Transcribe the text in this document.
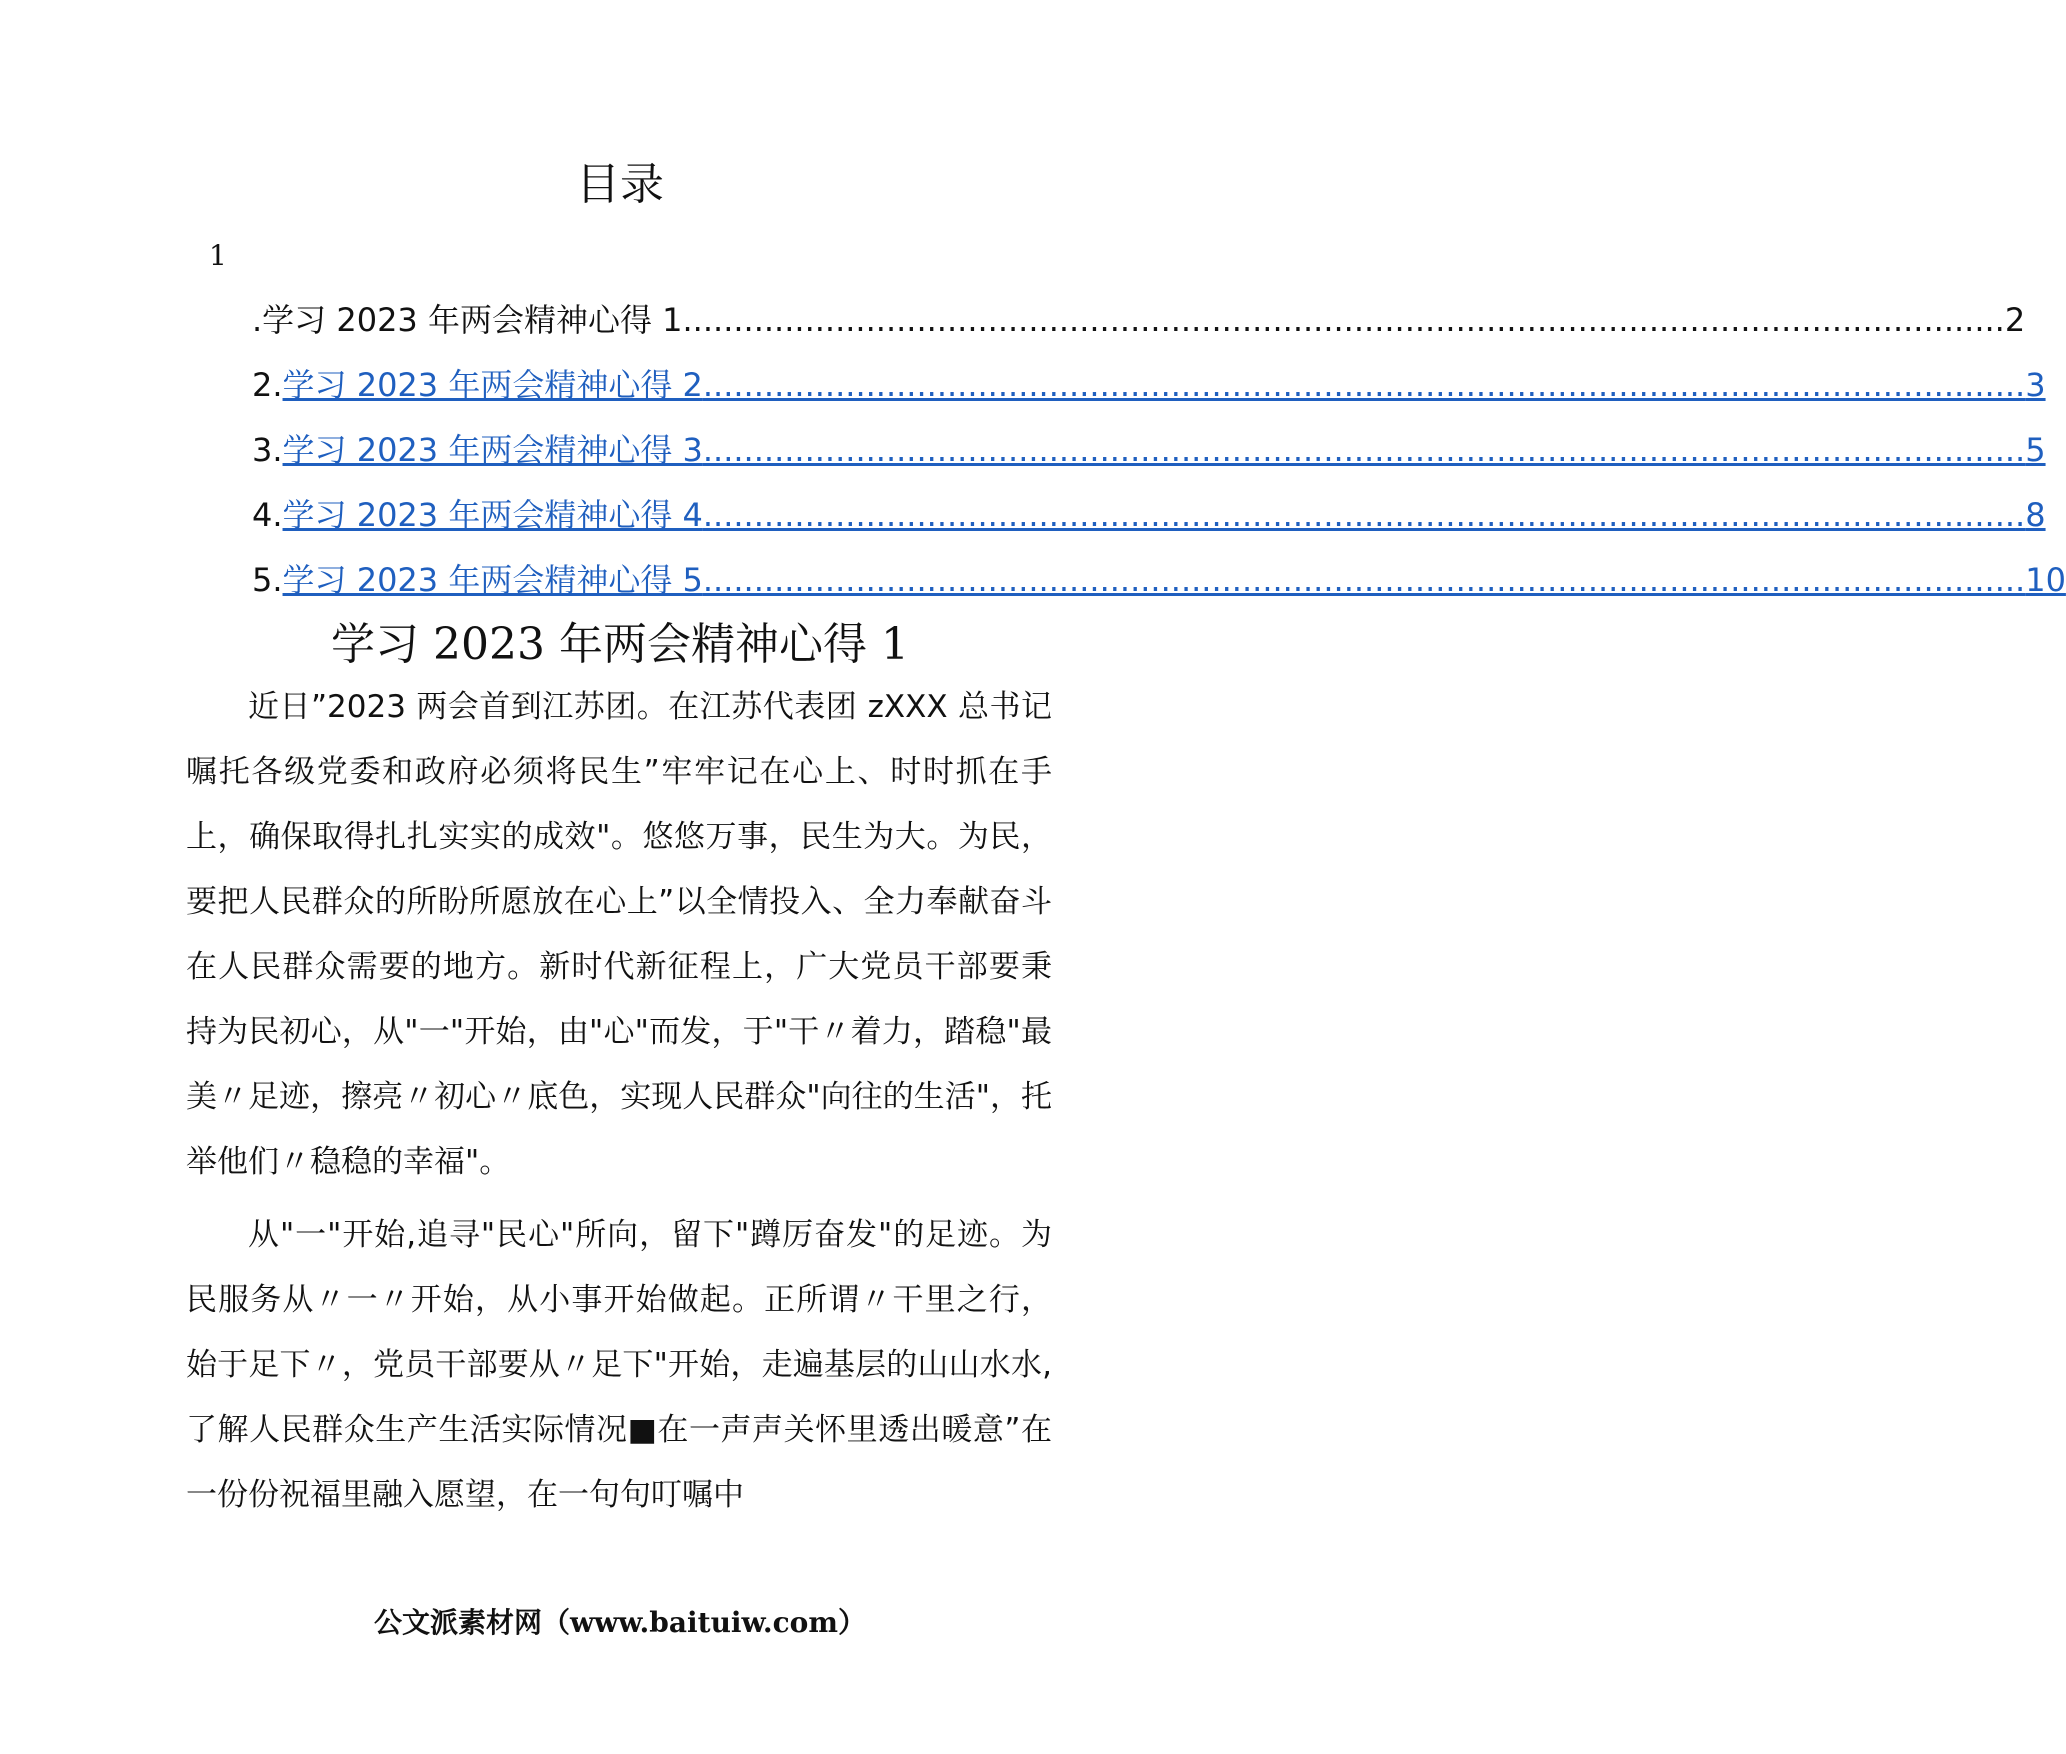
目录
1
.学习 2023 年两会精神心得 1 .................................................................................................................................. 2
2. 学习 2023 年两会精神心得 2 .................................................................................................................................. 3
3. 学习 2023 年两会精神心得 3 .................................................................................................................................. 5
4. 学习 2023 年两会精神心得 4 .................................................................................................................................. 8
5. 学习 2023 年两会精神心得 5 .................................................................................................................................. 10
学习 2023 年两会精神心得 1

近日”2023 两会首到江苏团。在江苏代表团 zXXX 总书记嘱托各级党委和政府必须将民生”牢牢记在心上、时时抓在手上，确保取得扎扎实实的成效"。悠悠万事，民生为大。为民，要把人民群众的所盼所愿放在心上”以全情投入、全力奉献奋斗在人民群众需要的地方。新时代新征程上，广大党员干部要秉持为民初心，从"一"开始，由"心"而发，于"干〃着力，踏稳"最美〃足迹，擦亮〃初心〃底色，实现人民群众"向往的生活"，托举他们〃稳稳的幸福"。

从"一"开始,追寻"民心"所向，留下"蹲厉奋发"的足迹。为民服务从〃一〃开始，从小事开始做起。正所谓〃干里之行，始于足下〃，党员干部要从〃足下"开始，走遍基层的山山水水,了解人民群众生产生活实际情况■在一声声关怀里透出暖意”在一份份祝福里融入愿望，在一句句叮嘱中

公文派素材网（www.baituiw.com）
